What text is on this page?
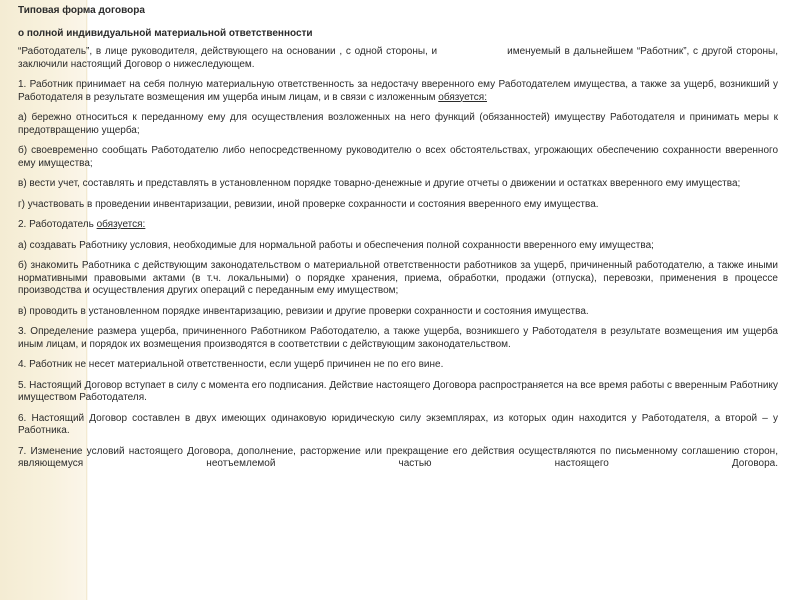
Типовая форма договора
о полной индивидуальной материальной ответственности
“Работодатель”, в лице руководителя, действующего на основании , с одной стороны, и	именуемый в дальнейшем “Работник”, с другой стороны, заключили настоящий Договор о нижеследующем.
1. Работник принимает на себя полную материальную ответственность за недостачу вверенного ему Работодателем имущества, а также за ущерб, возникший у Работодателя в результате возмещения им ущерба иным лицам, и в связи с изложенным обязуется:
а) бережно относиться к переданному ему для осуществления возложенных на него функций (обязанностей) имуществу Работодателя и принимать меры к предотвращению ущерба;
б) своевременно сообщать Работодателю либо непосредственному руководителю о всех обстоятельствах, угрожающих обеспечению сохранности вверенного ему имущества;
в) вести учет, составлять и представлять в установленном порядке товарно-денежные и другие отчеты о движении и остатках вверенного ему имущества;
г) участвовать в проведении инвентаризации, ревизии, иной проверке сохранности и состояния вверенного ему имущества.
2. Работодатель обязуется:
а) создавать Работнику условия, необходимые для нормальной работы и обеспечения полной сохранности вверенного ему имущества;
б) знакомить Работника с действующим законодательством о материальной ответственности работников за ущерб, причиненный работодателю, а также иными нормативными правовыми актами (в т.ч. локальными) о порядке хранения, приема, обработки, продажи (отпуска), перевозки, применения в процессе производства и осуществления других операций с переданным ему имуществом;
в) проводить в установленном порядке инвентаризацию, ревизии и другие проверки сохранности и состояния имущества.
3. Определение размера ущерба, причиненного Работником Работодателю, а также ущерба, возникшего у Работодателя в результате возмещения им ущерба иным лицам, и порядок их возмещения производятся в соответствии с действующим законодательством.
4. Работник не несет материальной ответственности, если ущерб причинен не по его вине.
5. Настоящий Договор вступает в силу с момента его подписания. Действие настоящего Договора распространяется на все время работы с вверенным Работнику имуществом Работодателя.
6. Настоящий Договор составлен в двух имеющих одинаковую юридическую силу экземплярах, из которых один находится у Работодателя, а второй – у Работника.
7. Изменение условий настоящего Договора, дополнение, расторжение или прекращение его действия осуществляются по письменному соглашению сторон, являющемуся неотъемлемой частью настоящего Договора.
